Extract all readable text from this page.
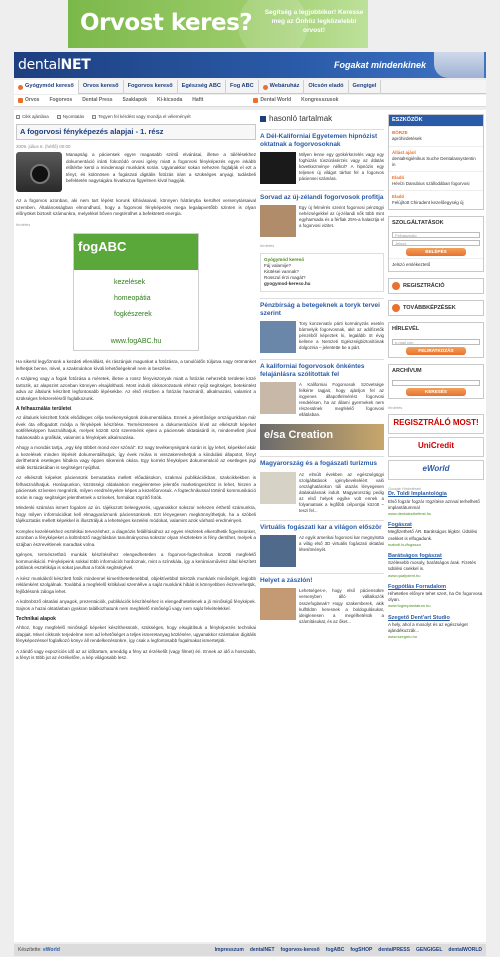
Orvost keres? Segítség a legjobbikor! Keresse meg az Önhöz legközelebbi orvost!
dentalNET	Fogakat mindenkinek
Gyógymód kereső Orvos kereső Fogorvos kereső Egészség ABC Fog ABC	Webáruház Olcsón eladó Gengigel
Orvos Fogorvos Dental Press Szaklapok Ki-kicsoda Hafit	Dental World Kongresszusok
Cikk ajánlása	Nyomtatás	Tegyen fel kérdést vagy mondja el véleményét
A fogorvosi fényképezés alapjai - 1. rész
2009. július 6. (hétfő) 00:00
Manapság a páciensek egyre magasabb szintű elvárásai, illetve a túlélésekhez dokumentáció iránti fokozódó orvosi igény miatt a fogorvosi fényképezés egyre inkább előtérbe kerül a mindennapi munkánk során. Ugyanakkor sokan nehezen foglalják el ezt a tényt, és különösen a fogászati digitális fotózás iránt a szükséges anyagi, tudásbeli befektetés nagyságára hivatkozva figyelmen kívül hagyják.
Az a fogorvos azonban, aki nem tart lépést korunk kihívásaival, könnyen hátrányba kerülhet versenytársaival szemben. Általánosságban elmondható, hogy a fogorvosi fényképezés mega legalapvetőbb szinten is olyan előnyöket biztosít számunkra, melyekkel bőven megtérülhet a befektetett energia.
hirdetés
fogABC
kezelések
homeopátia
fogkészerek
www.fogABC.hu
Ha sikerül legyőznünk a kezdeti ellenállást, és rászánjuk magunkat a fotózásra, a tanulóidőn túljutva nagy örömünket lelhetjük benne, mivel, a szakmánkon kívüli lehetőségeknél nem is beszélve.
A szájüreg vagy a fogak fotózása a méretek, illetve a rossz fényviszonyok miatt a fotózás nehezebb területei közé tartozik, az alapszint azonban könnyen elsajátítható. Most induló cikksorozatunk ehhez nyújt segítséget, betekintést adva az általunk készített legfontosabb lépésekbe. Az első részben a fotózás hasznáról, alkalmazási, valamint a szükséges felszerelésről foglalkozunk.
A felhasználás területei
Az általunk készített fotók elsődleges célja tevékenységünk dokumentálása. Ennek a jelentősége országunkban már évek óta elfogadott módja a fényképek készítése. Természetesen a dokumentáción kívül az elkészült képeket sokféleképpen használhatjuk, melyek között szót szeretnénk ejteni a páciensek oktatásáról is, mindemellett jóval hatásosabb a grafikák, valamint a fényképek alkalmazása.
Ahogy a mondás tartja, „egy kép többet mond ezer szónál”. Ez nagy tevékenységünk során is így lehet, képekkel akár a kezelések minden lépését dokumentálhatjuk, így évek múlva is visszakereshetjük a kiindulási állapotot, fényt deríthetünk esetleges hibákra vagy éppen sikereink okára. Egy korrekt fényképes dokumentáció az esetleges jogi viták tisztázásában is segítséget nyújthat.
Az elkészült képeket páciensünk bemutatása mellett előadásokon, szakmai publikációkban, szakcikkekben is felhasználhatjuk. Honlapunkon, közösségi oldalainkon megjelentetve jelentős marketingeszköz is lehet, hiszen a páciensek szívesen megnézik, milyen eredményekre képes a kezelőorvosuk. A fogtechnikussal történő kommunikáció során is nagy segítséget jelenthetnek a színeket, formákat rögzítő fotók.
Mindenki számára ismert fogalom az ún. tájékozott beleegyezés, ugyanakkor sokszor nehezen érthető számunkra, hogy milyen információkat kell elmagyaráznunk páciensünknek. Ezt lényegesen megkönnyíthetjük, ha a szóbeli tájékoztatás mellett képekkel is illusztráljuk a lehetséges kezelési módokat, valamint azok várható eredményeit.
Komplex kezelésekhez esztétikai tervezéshez, a diagnózis felállításához az egyes részletek elkerülhetik figyelmünket, azonban a fényképeket a különböző nagyításban tanulmányozva sokszor olyan részletekre is fény derülhet, melyek a szájban észrevétlenek maradtak volna.
Igényes, természetfotó munkák készítéséhez elengedhetetlen a fogorvos-fogtechnikus közötti megfelelő kommunikáció. Fényképeink sokkal több információt hordoznak, mint a színskála, így a kerámiaművész által készített pótlások esztétikája is sokat javulhat a fotók segítségével.
A kész munkákról készített fotók mindennel kimeríthetetlenebbül, objektívebbül tükrözik munkánk minőségét, legjobb reklámként szolgálnak. Továbbá a megfelelő kritikával szemlélve a saját munkánk hibáit is könnyebben észrevehetjük, fejlődésünk záloga lehet.
A különböző oktatási anyagok, prezentációk, publikációk készítéséhez is elengedhetetlenek a jó minőségű fényképek. Sajnos a hazai oktatásban gyakran találkozhatunk nem megfelelő minőségű vagy nem saját felvételekkel.
Technikai alapok
Ahhoz, hogy megfelelő minőségű képeket készíthessünk, szükséges, hogy elsajátítsuk a fényképezés technikai alapjait. Mivel cikkünk terjedelme nem ad lehetőséget a teljes ismeretanyag közlésére, ugyanakkor számtalan digitális fényképezéssel foglalkozó könyv áll rendelkezésünkre, így csak a legfontosabb fogalmakat ismertetjük.
A záridő vagy expozíciós idő az az időtartam, ameddig a fény az érzékelőt (vagy filmet) éri. Ennek az idő a hosszabb, a fényt is több jut az érzékelőre, a kép világosabb lesz.
hasonló tartalmak
A Dél-Kaliforniai Egyetemen hipnózist oktatnak a fogorvosoknak
Milyen lenne egy gyökérkezelés vagy egy foghúzás túszúrásérzés vagy az átlatás következménye nélkül? A hipnózis egy teljesen új világot tárhat fel a fogorvos páciensei számára.
Sorvad az új-zélandi fogorvosok profitja
Egy új felmérés szerint fogorvosi pénzügyi nehézségekkel az új-zélandi nők több mint egyharmada és a férfiak 25%-a halasztja el a fogorvosi vizitet.
hirdetés
Gyógymód kereső
Fáj valamije?
Kiütései vannak?
Rosszul érzi magát?
gyogymod-kereso.hu
Pénzbírság a betegeknek a toryk tervei szerint
Tory konzervatív párti kormányzás esetén bármelyik fogorvosnak, akit az adófizetők pénzéből képeztek ki, legalább öt évig kellene a Nemzeti Egészségbiztosítónak dolgoznia – jelentette be a párt.
A kaliforniai fogorvosok önkéntes felajánlásra szólítottak fel
A Kaliforniai Fogorvosok Szövetsége felkérte tagjait, hogy ajánljon fel az ingyenes állapotfelmérést fogorvosi rendelésen, ha az állami gyermekek nem részesülnek megfelelő fogorvosi ellátásban.
e/sa Creation
Magyarország és a fogászati turizmus
Az elmúlt években az egészségügyi szolgáltatások igénybevételéért való országhatárokon túli utazás lényegesen átalakulásnak indult. Magyarország pedig az első helyek egyike volt ennek a folyamatnak a legfőbb célpontjai között – teszi fel...
Virtuális fogászati kar a világon először
Az egyik amerikai fogorvosi kar megnyitotta a világ első 3D virtuális fogászati oktatási létesítményét.
Helyet a zászlón!
Lehetséges-e, hogy első páciensükre versenyben álló vállalkozók összefoglanak? Hogy szakemberek, akik kulföldön keresnek a boldogulásukat, ideiglenesen a megélhetésük a számításukat, és az őket...
ESZKÖZÖK
BÖRZE
apróhirdetések
Állást ajánl
dentalHigiénikus Suche Dentalassystentin in
Eladó
Hévízi Danubius szállodában fogorvosi
Eladó
Felújított Chiradent kezelőegység új
SZOLGÁLTATÁSOK
Felhasználó
Jelszó
BELÉPÉS
Jelszó emlékeztető
REGISZTRÁCIÓ
TOVÁBBKÉPZÉSEK
HÍRLEVÉL
e-mail cím
FELIRATKOZÁS
ARCHÍVUM
KERESÉS
hirdetés
REGISZTRÁLÓ MOST!
UniCredit
eWorld
Google Hirdetések
Dr. Toldi Implantológia
Első fogzár fogzár rögzítése aznnal terhelhető implantátummal
www.dentalesthetinst.hu
Fogászat
Megfizethető ÁR. Barátságos légkör. Üdülési csekket is elfogadunk.
mabofi.hu/fogasza
Barátságos fogászat
Szélesebb mosoly, barátságos árak. Fizetés üdülési csekkel is.
www.qualydent.hu
Fogpótlás Forradalom
Hihetetlen előnyre tehet szert, ha Ön fogorvosa olyan.
www.fogimplantatum.hu
Szegető Dent'art Studio
A hely, ahol a mosolyt és az egészséget ajándékozzák...
www.szegeto.hu
Készítette:
eWorld	Impresszum dentalNET fogorvos-kereső fogABC fogSHOP dentalPRESS GENGIGEL dentalWORLD
